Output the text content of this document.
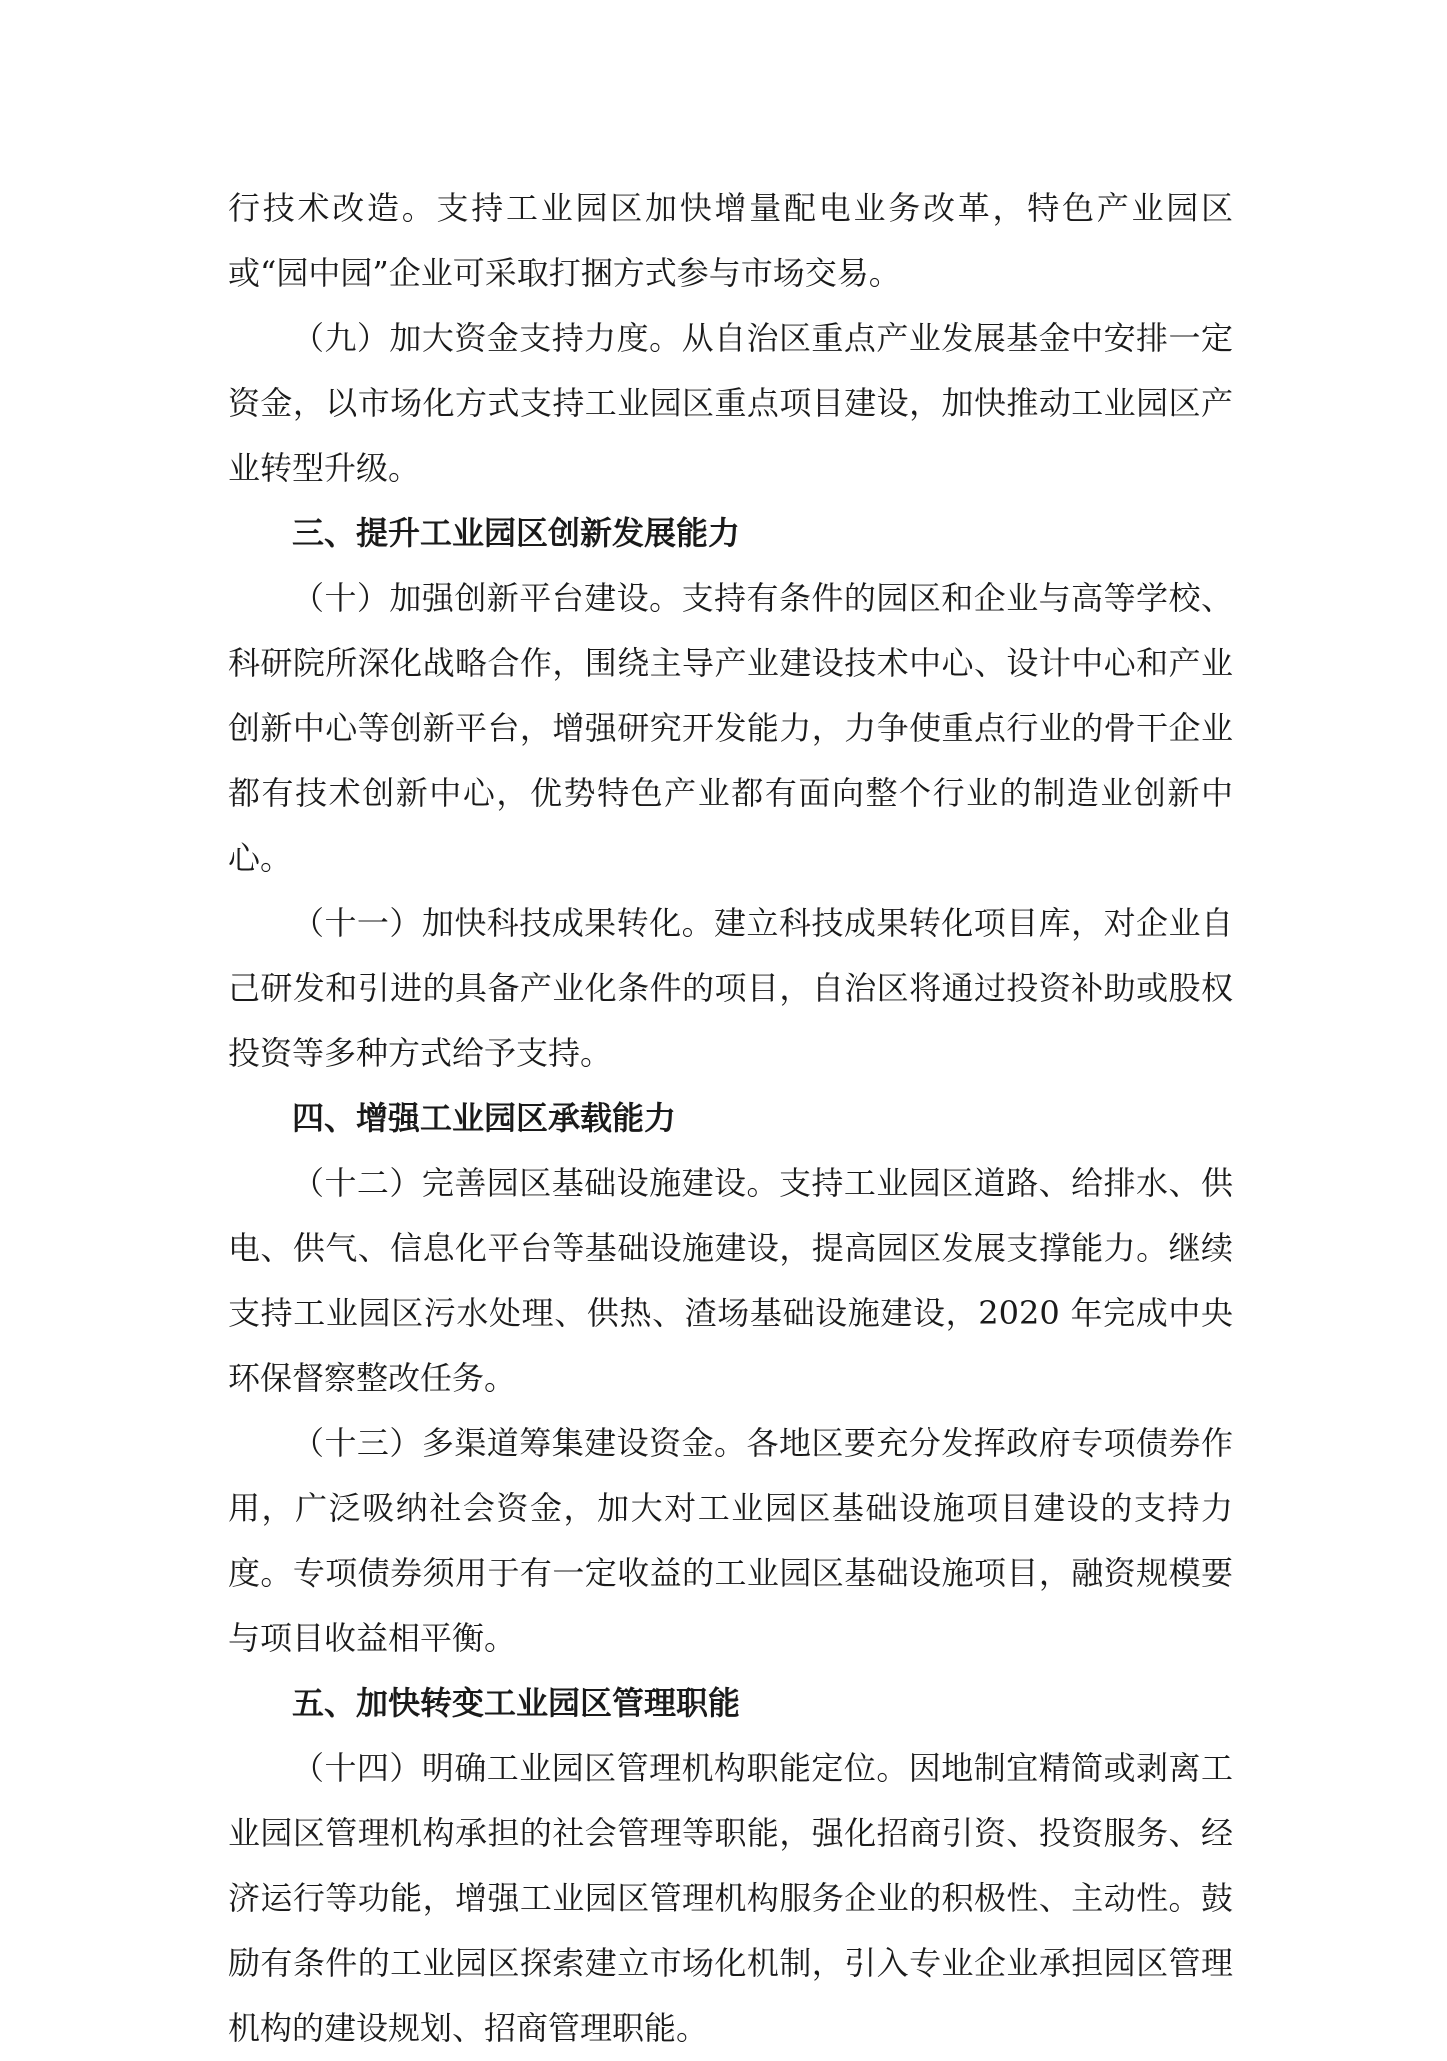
行技术改造。支持工业园区加快增量配电业务改革，特色产业园区或“园中园”企业可采取打捆方式参与市场交易。

（九）加大资金支持力度。从自治区重点产业发展基金中安排一定资金，以市场化方式支持工业园区重点项目建设，加快推动工业园区产业转型升级。

三、提升工业园区创新发展能力

（十）加强创新平台建设。支持有条件的园区和企业与高等学校、科研院所深化战略合作，围绕主导产业建设技术中心、设计中心和产业创新中心等创新平台，增强研究开发能力，力争使重点行业的骨干企业都有技术创新中心，优势特色产业都有面向整个行业的制造业创新中心。

（十一）加快科技成果转化。建立科技成果转化项目库，对企业自己研发和引进的具备产业化条件的项目，自治区将通过投资补助或股权投资等多种方式给予支持。

四、增强工业园区承载能力

（十二）完善园区基础设施建设。支持工业园区道路、给排水、供电、供气、信息化平台等基础设施建设，提高园区发展支撑能力。继续支持工业园区污水处理、供热、渣场基础设施建设，2020 年完成中央环保督察整改任务。

（十三）多渠道筹集建设资金。各地区要充分发挥政府专项债券作用，广泛吸纳社会资金，加大对工业园区基础设施项目建设的支持力度。专项债券须用于有一定收益的工业园区基础设施项目，融资规模要与项目收益相平衡。

五、加快转变工业园区管理职能

（十四）明确工业园区管理机构职能定位。因地制宜精简或剥离工业园区管理机构承担的社会管理等职能，强化招商引资、投资服务、经济运行等功能，增强工业园区管理机构服务企业的积极性、主动性。鼓励有条件的工业园区探索建立市场化机制，引入专业企业承担园区管理机构的建设规划、招商管理职能。
